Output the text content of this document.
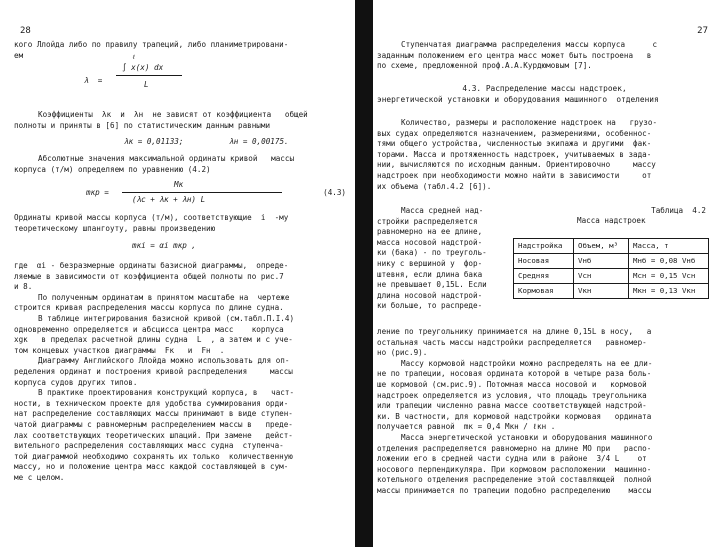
28
кого Ллойда либо по правилу трапеций, либо планиметрировани-
ем
λ  =
ℓ
∫ x(x) dx
L
Коэффициенты  λк  и  λн  не зависят от коэффициента   общей
полноты и приняты в [6] по статистическим данным равными
λк = 0,01133;          λн = 0,00175.
Абсолютные значения максимальной ординаты кривой   массы
корпуса (т/м) определяем по уравнению (4.2)
mкр =
Mк
(λс + λк + λн) L
(4.3)
Ординаты кривой массы корпуса (т/м), соответствующие  i  -му
теоретическому шпангоуту, равны произведению
mкi = αi mкр ,
где  αi - безразмерные ординаты базисной диаграммы,  опреде-
ляемые в зависимости от коэффициента общей полноты по рис.7
и 8.
По полученным ординатам в принятом масштабе на  чертеже
строится кривая распределения массы корпуса по длине судна.
В таблице интегрирования базисной кривой (см.табл.П.I.4)
одновременно определяется и абсцисса центра масс    корпуса
xgк   в пределах расчетной длины судна  L  , а затем и с уче-
том концевых участков диаграммы  Fк   и  Fн  .
Диаграмму Английского Ллойда можно использовать для оп-
ределения ординат и построения кривой распределения     массы
корпуса судов других типов.
В практике проектирования конструкций корпуса, в   част-
ности, в техническом проекте для удобства суммирования орди-
нат распределение составляющих массы принимают в виде ступен-
чатой диаграммы с равномерным распределением массы в   преде-
лах соответствующих теоретических шпаций. При замене   дейст-
вительного распределения составляющих масс судна  ступенча-
той диаграммой необходимо сохранять их только  количественную
массу, но и положение центра масс каждой составляющей в сум-
ме с целом.
27
Ступенчатая диаграмма распределения массы корпуса      с
заданным положением его центра масс может быть построена   в
по схеме, предложенной проф.А.А.Курдюмовым [7].
4.3. Распределение массы надстроек,
энергетической установки и оборудования машинного  отделения
Количество, размеры и расположение надстроек на   грузо-
вых судах определяются назначением, размерениями, особеннос-
тями общего устройства, численностью экипажа и другими  фак-
торами. Масса и протяженность надстроек, учитываемых в зада-
нии, вычисляются по исходным данным. Ориентировочно     массу
надстроек при необходимости можно найти в зависимости     от
их объема (табл.4.2 [6]).
Масса средней над-
стройки распределяется
равномерно на ее длине,
масса носовой надстрой-
ки (бака) - по треуголь-
нику с вершиной у  фор-
штевня, если длина бака
не превышает 0,15L. Если
длина носовой надстрой-
ки больше, то распреде-
Таблица  4.2
Масса надстроек
Надстройка	Объем, м³	Масса, т
Носовая	Vнб	Mнб = 0,08 Vнб
Средняя	Vсн	Mсн = 0,15 Vсн
Кормовая	Vкн	Mкн = 0,13 Vкн
ление по треугольнику принимается на длине 0,15L в носу,   а
остальная часть массы надстройки распределяется   равномер-
но (рис.9).
Массу кормовой надстройки можно распределять на ее дли-
не по трапеции, носовая ордината которой в четыре раза боль-
ше кормовой (см.рис.9). Потомная масса носовой и   кормовой
надстроек определяется из условия, что площадь треугольника
или трапеции численно равна массе соответствующей надстрой-
ки. В частности, для кормовой надстройки кормовая   ордината
получается равной  mк = 0,4 Mкн / ℓкн .
Масса энергетической установки и оборудования машинного
отделения распределяется равномерно на длине МО при   распо-
ложении его в средней части судна или в районе  3/4 L    от
носового перпендикуляра. При кормовом расположении  машинно-
котельного отделения распределение этой составляющей  полной
массы принимается по трапеции подобно распределению    массы
